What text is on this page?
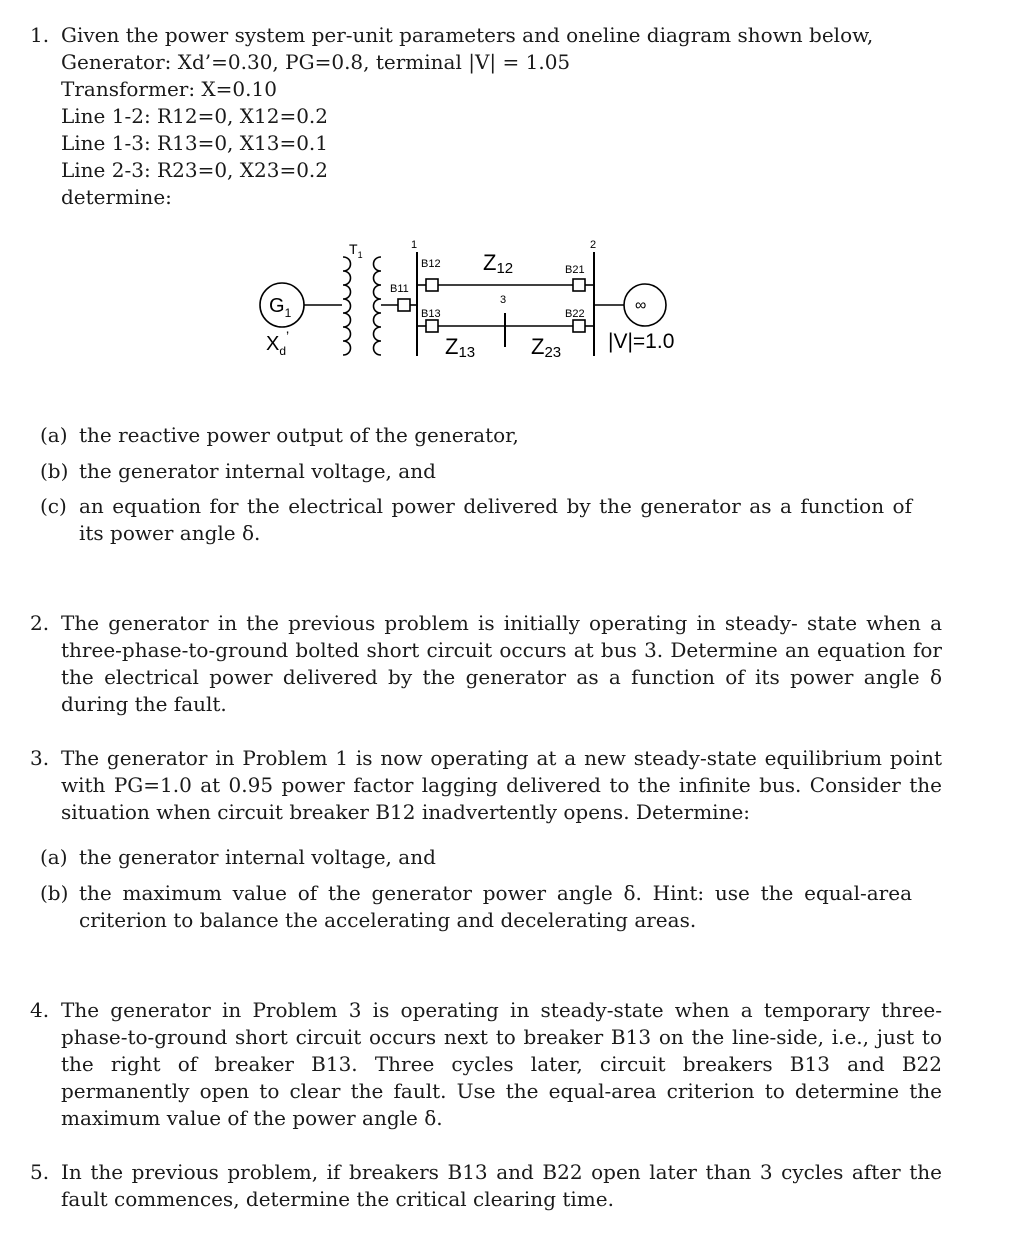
1. Given the power system per-unit parameters and oneline diagram shown below,
Generator: Xd’=0.30, PG=0.8, terminal |V| = 1.05
Transformer: X=0.10
Line 1-2: R12=0, X12=0.2
Line 1-3: R13=0, X13=0.1
Line 2-3: R23=0, X23=0.2
determine:
$G_1$
$X_d^’$
$T_1$
1	2
3
B11
B12
B13
B21
B22
Z12
Z13	Z23
∞
|V|=1.0
(a) the reactive power output of the generator,
(b) the generator internal voltage, and
(c) an equation for the electrical power delivered by the generator as a function of its power angle δ.
2. The generator in the previous problem is initially operating in steady- state when a three-phase-to-ground bolted short circuit occurs at bus 3. Determine an equation for the electrical power delivered by the generator as a function of its power angle δ during the fault.
3. The generator in Problem 1 is now operating at a new steady-state equilibrium point with PG=1.0 at 0.95 power factor lagging delivered to the infinite bus. Consider the situation when circuit breaker B12 inadvertently opens. Determine:
(a) the generator internal voltage, and
(b) the maximum value of the generator power angle δ. Hint: use the equal-area criterion to balance the accelerating and decelerating areas.
4. The generator in Problem 3 is operating in steady-state when a temporary three-phase-to-ground short circuit occurs next to breaker B13 on the line-side, i.e., just to the right of breaker B13. Three cycles later, circuit breakers B13 and B22 permanently open to clear the fault. Use the equal-area criterion to determine the maximum value of the power angle δ.
5. In the previous problem, if breakers B13 and B22 open later than 3 cycles after the fault commences, determine the critical clearing time.
